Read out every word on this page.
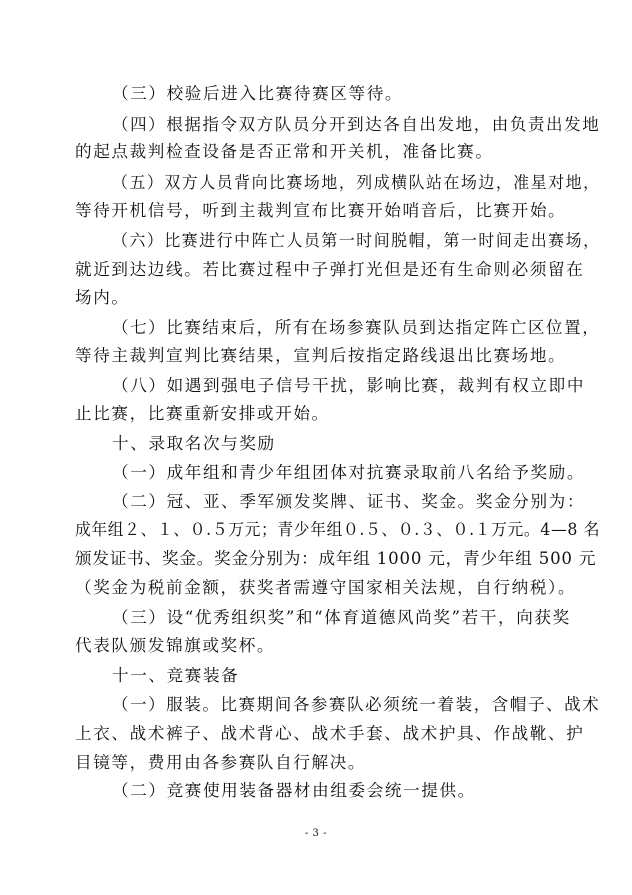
（三）校验后进入比赛待赛区等待。
（四）根据指令双方队员分开到达各自出发地，由负责出发地
的起点裁判检查设备是否正常和开关机，准备比赛。
（五）双方人员背向比赛场地，列成横队站在场边，准星对地，
等待开机信号，听到主裁判宣布比赛开始哨音后，比赛开始。
（六）比赛进行中阵亡人员第一时间脱帽，第一时间走出赛场，
就近到达边线。若比赛过程中子弹打光但是还有生命则必须留在
场内。
（七）比赛结束后，所有在场参赛队员到达指定阵亡区位置，
等待主裁判宣判比赛结果，宣判后按指定路线退出比赛场地。
（八）如遇到强电子信号干扰，影响比赛，裁判有权立即中
止比赛，比赛重新安排或开始。
十、录取名次与奖励
（一）成年组和青少年组团体对抗赛录取前八名给予奖励。
（二）冠、亚、季军颁发奖牌、证书、奖金。奖金分别为：
成年组２、１、０.５万元；青少年组０.５、０.３、０.１万元。4—8 名
颁发证书、奖金。奖金分别为：成年组 1000 元，青少年组 500 元
（奖金为税前金额，获奖者需遵守国家相关法规，自行纳税）。
（三）设“优秀组织奖”和“体育道德风尚奖”若干，向获奖
代表队颁发锦旗或奖杯。
十一、竞赛装备
（一）服装。比赛期间各参赛队必须统一着装，含帽子、战术
上衣、战术裤子、战术背心、战术手套、战术护具、作战靴、护
目镜等，费用由各参赛队自行解决。
（二）竞赛使用装备器材由组委会统一提供。
- 3 -
